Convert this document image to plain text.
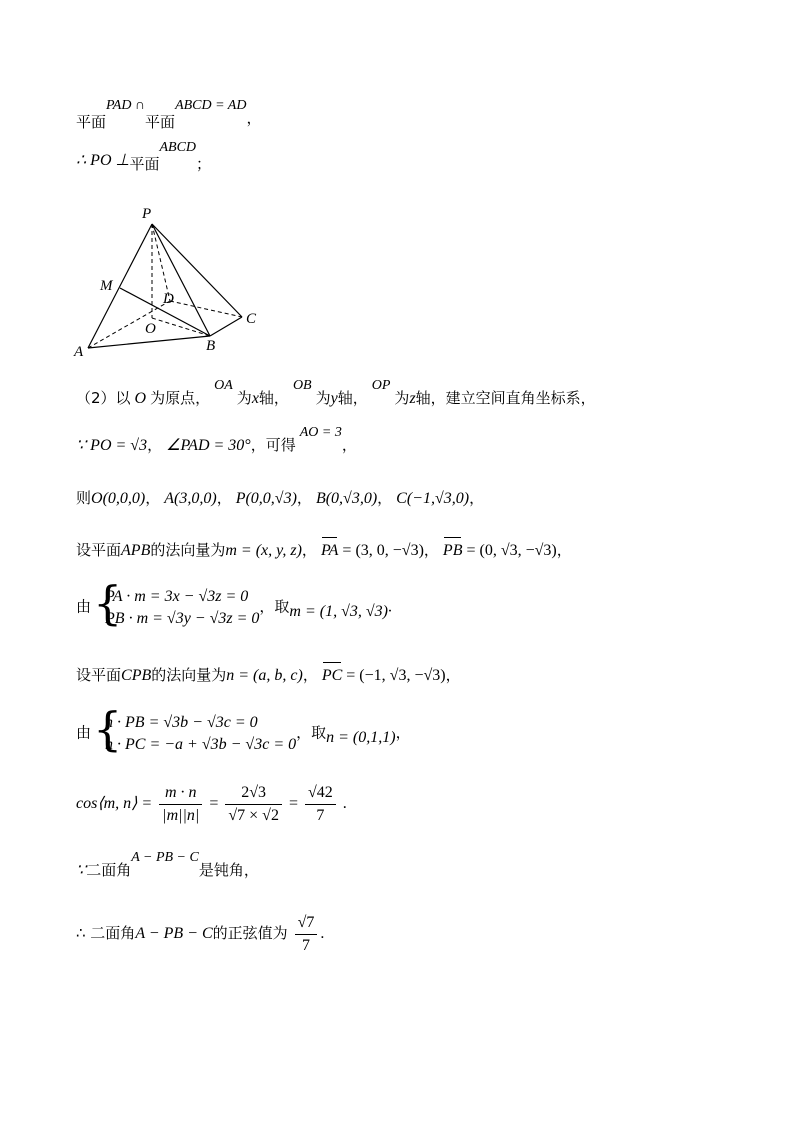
平面PAD ∩平面ABCD = AD，
∴ PO ⊥平面ABCD；
P
M
D
O
C
A	B
（2）以 O 为原点， OA 为x轴， OB 为y轴， OP 为z轴，建立空间直角坐标系，
∵ PO = √3， ∠PAD = 30°，可得 AO = 3，
则O(0,0,0)， A(3,0,0)， P(0,0,√3)， B(0,√3,0)， C(−1,√3,0)，
设平面APB的法向量为m = (x, y, z)， PA = (3, 0, −√3)， PB = (0, √3, −√3)，
由
{ PA · m = 3x − √3z = 0
PB · m = √3y − √3z = 0
，取m = (1, √3, √3).
设平面CPB的法向量为n = (a, b, c)， PC = (−1, √3, −√3)，
由
{ n · PB = √3b − √3c = 0
n · PC = −a + √3b − √3c = 0
，取n = (0,1,1)，
cos⟨m, n⟩ = $\frac{m \cdot n}{|m||n|} = \frac{2√3}{√7 \times √2} = \frac{√42}{7}$ .
∵二面角A − PB − C是钝角，
∴ 二面角A − PB − C的正弦值为 $\frac{√7}{7}$ .
